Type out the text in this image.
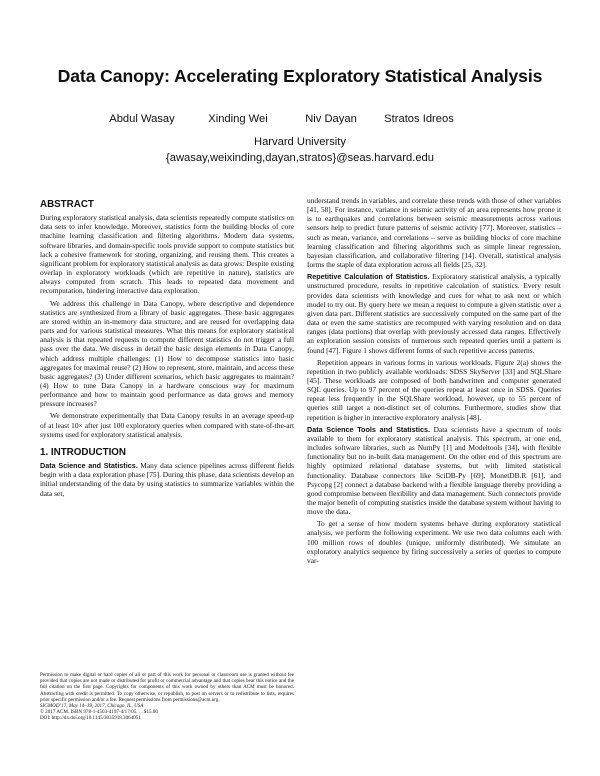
Data Canopy: Accelerating Exploratory Statistical Analysis
Abdul Wasay	Xinding Wei	Niv Dayan	Stratos Idreos
Harvard University
{awasay,weixinding,dayan,stratos}@seas.harvard.edu
ABSTRACT

During exploratory statistical analysis, data scientists repeatedly compute statistics on data sets to infer knowledge. Moreover, statistics form the building blocks of core machine learning classification and filtering algorithms. Modern data systems, software libraries, and domain-specific tools provide support to compute statistics but lack a cohesive framework for storing, organizing, and reusing them. This creates a significant problem for exploratory statistical analysis as data grows: Despite existing overlap in exploratory workloads (which are repetitive in nature), statistics are always computed from scratch. This leads to repeated data movement and recomputation, hindering interactive data exploration.

We address this challenge in Data Canopy, where descriptive and dependence statistics are synthesized from a library of basic aggregates. These basic aggregates are stored within an in-memory data structure, and are reused for overlapping data parts and for various statistical measures. What this means for exploratory statistical analysis is that repeated requests to compute different statistics do not trigger a full pass over the data. We discuss in detail the basic design elements in Data Canopy, which address multiple challenges: (1) How to decompose statistics into basic aggregates for maximal reuse? (2) How to represent, store, maintain, and access these basic aggregates? (3) Under different scenarios, which basic aggregates to maintain? (4) How to tune Data Canopy in a hardware conscious way for maximum performance and how to maintain good performance as data grows and memory pressure increases?

We demonstrate experimentally that Data Canopy results in an average speed-up of at least 10× after just 100 exploratory queries when compared with state-of-the-art systems used for exploratory statistical analysis.

1. INTRODUCTION

Data Science and Statistics. Many data science pipelines across different fields begin with a data exploration phase [75]. During this phase, data scientists develop an initial understanding of the data by using statistics to summarize variables within the data set,

Permission to make digital or hard copies of all or part of this work for personal or classroom use is granted without fee provided that copies are not made or distributed for profit or commercial advantage and that copies bear this notice and the full citation on the first page. Copyrights for components of this work owned by others than ACM must be honored. Abstracting with credit is permitted. To copy otherwise, or republish, to post on servers or to redistribute to lists, requires prior specific permission and/or a fee. Request permissions from permissions@acm.org.
SIGMOD’17, May 14–19, 2017, Chicago, IL, USA
© 2017 ACM. ISBN 978-1-4503-4197-4/17/05. . . $15.00
DOI: http://dx.doi.org/10.1145/3035918.3064051

understand trends in variables, and correlate these trends with those of other variables [41, 58]. For instance, variance in seismic activity of an area represents how prone it is to earthquakes and correlations between seismic measurements across various sensors help to predict future patterns of seismic activity [77]. Moreover, statistics – such as mean, variance, and correlations – serve as building blocks of core machine learning classification and filtering algorithms such as simple linear regression, bayesian classification, and collaborative filtering [14]. Overall, statistical analysis forms the staple of data exploration across all fields [25, 32].

Repetitive Calculation of Statistics. Exploratory statistical analysis, a typically unstructured procedure, results in repetitive calculation of statistics. Every result provides data scientists with knowledge and cues for what to ask next or which model to try out. By query here we mean a request to compute a given statistic over a given data part. Different statistics are successively computed on the same part of the data or even the same statistics are recomputed with varying resolution and on data ranges (data portions) that overlap with previously accessed data ranges. Effectively an exploration session consists of numerous such repeated queries until a pattern is found [47]. Figure 1 shows different forms of such repetitive access patterns.

Repetition appears in various forms in various workloads. Figure 2(a) shows the repetition in two publicly available workloads: SDSS SkyServer [33] and SQLShare [45]. These workloads are composed of both handwritten and computer generated SQL queries. Up to 97 percent of the queries repeat at least once in SDSS. Queries repeat less frequently in the SQLShare workload, however, up to 55 percent of queries still target a non-distinct set of columns. Furthermore, studies show that repetition is higher in interactive exploratory analysis [48].

Data Science Tools and Statistics. Data scientists have a spectrum of tools available to them for exploratory statistical analysis. This spectrum, at one end, includes software libraries, such as NumPy [1] and Modeltools [34], with flexible functionality but no in-built data management. On the other end of this spectrum are highly optimized relational database systems, but with limited statistical functionality. Database connectors like SciDB-Py [69], MonetDB.R [61], and Psycopg [2] connect a database backend with a flexible language thereby providing a good compromise between flexibility and data management. Such connectors provide the major benefit of computing statistics inside the database system without having to move the data.

To get a sense of how modern systems behave during exploratory statistical analysis, we perform the following experiment. We use two data columns each with 100 million rows of doubles (unique, uniformly distributed). We simulate an exploratory analytics sequence by firing successively a series of queries to compute var-
